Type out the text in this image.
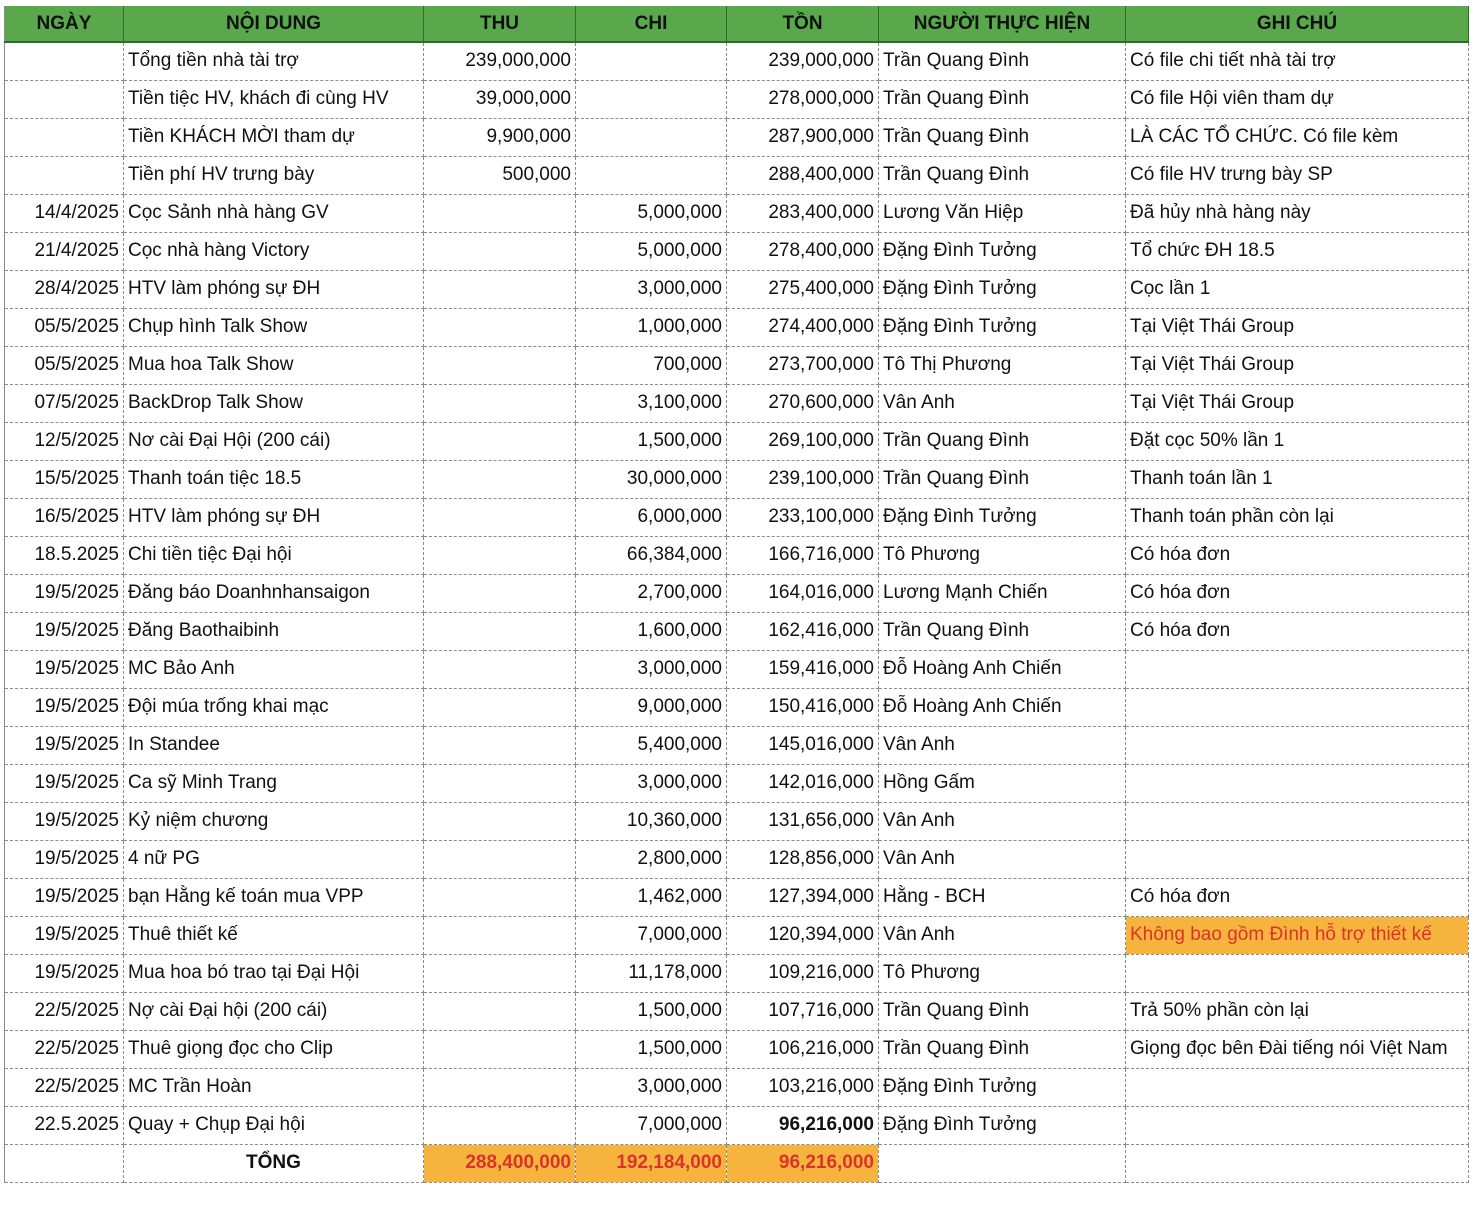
NGÀY	NỘI DUNG	THU	CHI	TỒN	NGƯỜI THỰC HIỆN	GHI CHÚ
	Tổng tiền nhà tài trợ	239,000,000		239,000,000	Trần Quang Đình	Có file chi tiết nhà tài trợ
	Tiền tiệc HV, khách đi cùng HV	39,000,000		278,000,000	Trần Quang Đình	Có file Hội viên tham dự
	Tiền KHÁCH MỜI tham dự	9,900,000		287,900,000	Trần Quang Đình	LÀ CÁC TỔ CHỨC. Có file kèm
	Tiền phí HV trưng bày	500,000		288,400,000	Trần Quang Đình	Có file HV trưng bày SP
14/4/2025	Cọc Sảnh nhà hàng GV		5,000,000	283,400,000	Lương Văn Hiệp	Đã hủy nhà hàng này
21/4/2025	Cọc nhà hàng Victory		5,000,000	278,400,000	Đặng Đình Tưởng	Tổ chức ĐH 18.5
28/4/2025	HTV làm phóng sự ĐH		3,000,000	275,400,000	Đặng Đình Tưởng	Cọc lần 1
05/5/2025	Chụp hình Talk Show		1,000,000	274,400,000	Đặng Đình Tưởng	Tại Việt Thái Group
05/5/2025	Mua hoa Talk Show		700,000	273,700,000	Tô Thị Phương	Tại Việt Thái Group
07/5/2025	BackDrop Talk Show		3,100,000	270,600,000	Vân Anh	Tại Việt Thái Group
12/5/2025	Nơ cài Đại Hội (200 cái)		1,500,000	269,100,000	Trần Quang Đình	Đặt cọc 50% lần 1
15/5/2025	Thanh toán tiệc 18.5		30,000,000	239,100,000	Trần Quang Đình	Thanh toán lần 1
16/5/2025	HTV làm phóng sự ĐH		6,000,000	233,100,000	Đặng Đình Tưởng	Thanh toán phần còn lại
18.5.2025	Chi tiền tiệc Đại hội		66,384,000	166,716,000	Tô Phương	Có hóa đơn
19/5/2025	Đăng báo Doanhnhansaigon		2,700,000	164,016,000	Lương Mạnh Chiến	Có hóa đơn
19/5/2025	Đăng Baothaibinh		1,600,000	162,416,000	Trần Quang Đình	Có hóa đơn
19/5/2025	MC Bảo Anh		3,000,000	159,416,000	Đỗ Hoàng Anh Chiến	
19/5/2025	Đội múa trống khai mạc		9,000,000	150,416,000	Đỗ Hoàng Anh Chiến	
19/5/2025	In Standee		5,400,000	145,016,000	Vân Anh	
19/5/2025	Ca sỹ Minh Trang		3,000,000	142,016,000	Hồng Gấm	
19/5/2025	Kỷ niệm chương		10,360,000	131,656,000	Vân Anh	
19/5/2025	4 nữ PG		2,800,000	128,856,000	Vân Anh	
19/5/2025	bạn Hằng kế toán mua VPP		1,462,000	127,394,000	Hằng - BCH	Có hóa đơn
19/5/2025	Thuê thiết kế		7,000,000	120,394,000	Vân Anh	Không bao gồm Đình hỗ trợ thiết kế
19/5/2025	Mua hoa bó trao tại Đại Hội		11,178,000	109,216,000	Tô Phương	
22/5/2025	Nợ cài Đại hội (200 cái)		1,500,000	107,716,000	Trần Quang Đình	Trả 50% phần còn lại
22/5/2025	Thuê giọng đọc cho Clip		1,500,000	106,216,000	Trần Quang Đình	Giọng đọc bên Đài tiếng nói Việt Nam
22/5/2025	MC Trần Hoàn		3,000,000	103,216,000	Đặng Đình Tưởng	
22.5.2025	Quay + Chụp Đại hội		7,000,000	96,216,000	Đặng Đình Tưởng	
	TỔNG	288,400,000	192,184,000	96,216,000		
